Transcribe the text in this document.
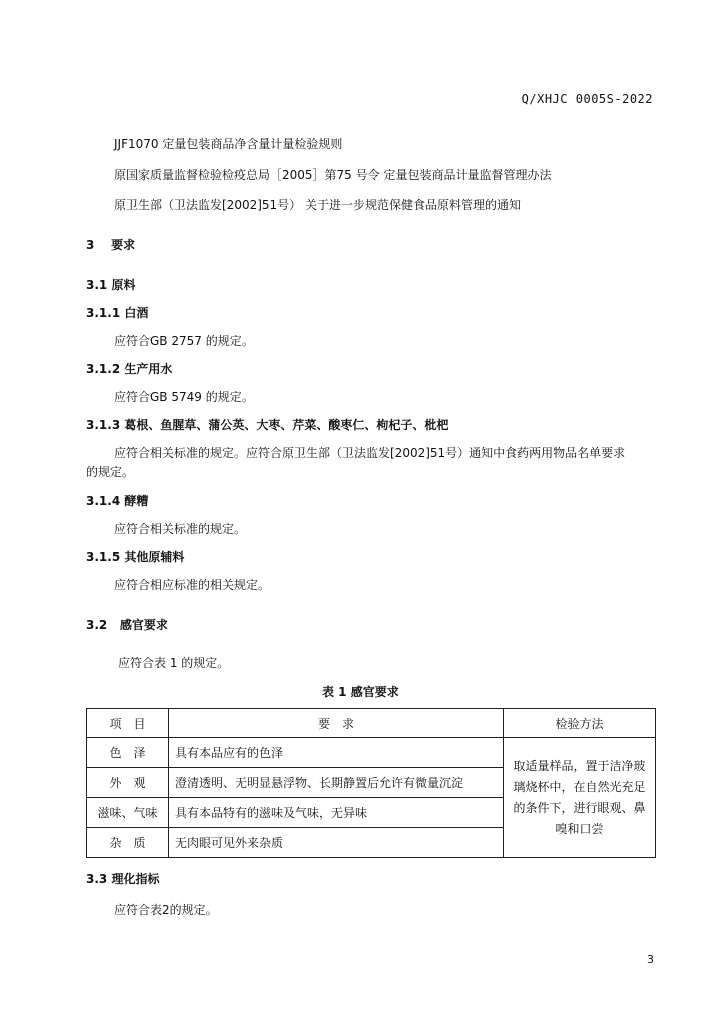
Q/XHJC 0005S-2022
JJF1070 定量包装商品净含量计量检验规则
原国家质量监督检验检疫总局［2005］第75 号令 定量包装商品计量监督管理办法
原卫生部（卫法监发[2002]51号） 关于进一步规范保健食品原料管理的通知
3 要求
3.1 原料
3.1.1 白酒
应符合GB 2757 的规定。
3.1.2 生产用水
应符合GB 5749 的规定。
3.1.3 葛根、鱼腥草、蒲公英、大枣、芹菜、酸枣仁、枸杞子、枇杷
应符合相关标准的规定。应符合原卫生部（卫法监发[2002]51号）通知中食药两用物品名单要求
的规定。
3.1.4 酵糟
应符合相关标准的规定。
3.1.5 其他原辅料
应符合相应标准的相关规定。
3.2 感官要求
应符合表 1 的规定。
表 1 感官要求
项　目	要　求	检验方法
色　泽	具有本品应有的色泽	取适量样品，置于洁净玻璃烧杯中，在自然光充足的条件下，进行眼观、鼻嗅和口尝
外　观	澄清透明、无明显悬浮物、长期静置后允许有微量沉淀	
滋味、气味	具有本品特有的滋味及气味，无异味	
杂　质	无肉眼可见外来杂质	
3.3 理化指标
应符合表2的规定。
3
